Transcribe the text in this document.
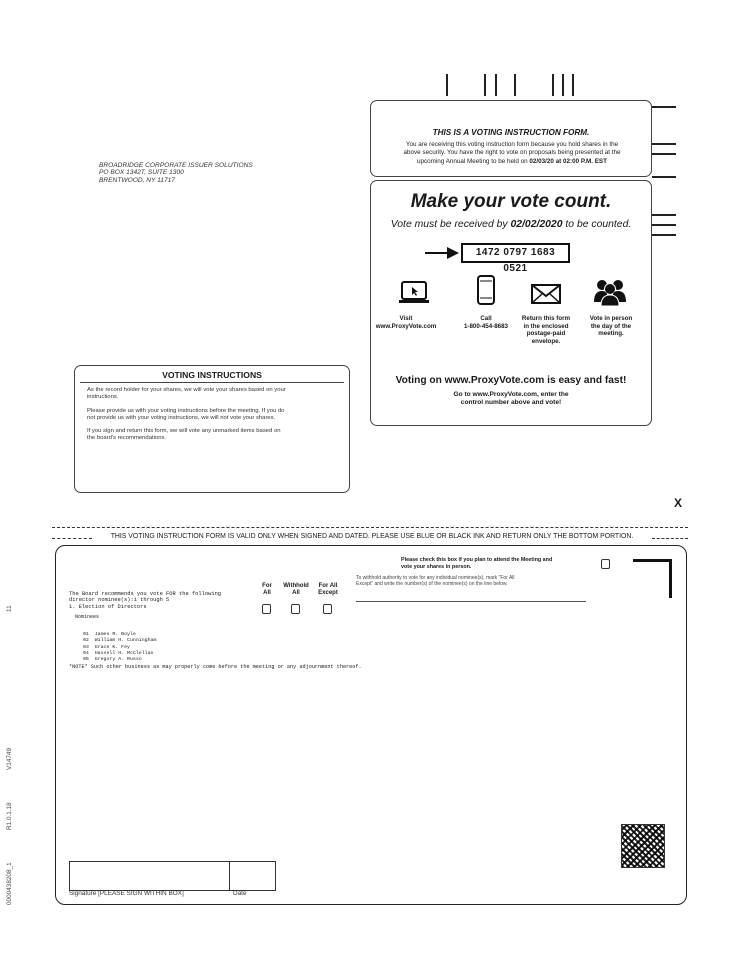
BROADRIDGE CORPORATE ISSUER SOLUTIONS
PO BOX 1342T, SUITE 1300
BRENTWOOD, NY 11717
THIS IS A VOTING INSTRUCTION FORM.
You are receiving this voting instruction form because you hold shares in the
above security. You have the right to vote on proposals being presented at the
upcoming Annual Meeting to be held on 02/03/20 at 02:00 P.M. EST
Make your vote count.
Vote must be received by 02/02/2020 to be counted.
1472 0797 1683 0521
Visit
www.ProxyVote.com
Call
1-800-454-8683
Return this form
in the enclosed
postage-paid
envelope.
Vote in person
the day of the
meeting.
Voting on www.ProxyVote.com is easy and fast!
Go to www.ProxyVote.com, enter the
control number above and vote!
VOTING INSTRUCTIONS
As the record holder for your shares, we will vote your shares based on your
instructions.
Please provide us with your voting instructions before the meeting. If you do
not provide us with your voting instructions, we will not vote your shares.
If you sign and return this form, we will vote any unmarked items based on
the board's recommendations.
X
THIS VOTING INSTRUCTION FORM IS VALID ONLY WHEN SIGNED AND DATED. PLEASE USE BLUE OR BLACK INK AND RETURN ONLY THE BOTTOM PORTION.
Please check this box if you plan to attend the Meeting and
vote your shares in person.
To withhold authority to vote for any individual nominee(s), mark "For All
Except" and write the number(s) of the nominee(s) on the line below.
For
All
Withhold
All
For All
Except
The Board recommends you vote FOR the following
director nominee(s):1 through 5
1. Election of Directors
Nominees
01 James R. Boyle
02 William H. Cunningham
03 Grace K. Fey
04 Hassell H. McClellan
05 Gregory A. Russo
*NOTE* Such other business as may properly come before the meeting or any adjournment thereof.
Signature [PLEASE SIGN WITHIN BOX]	Date
11
V14749
R1.0.1.18
0000438208_1
